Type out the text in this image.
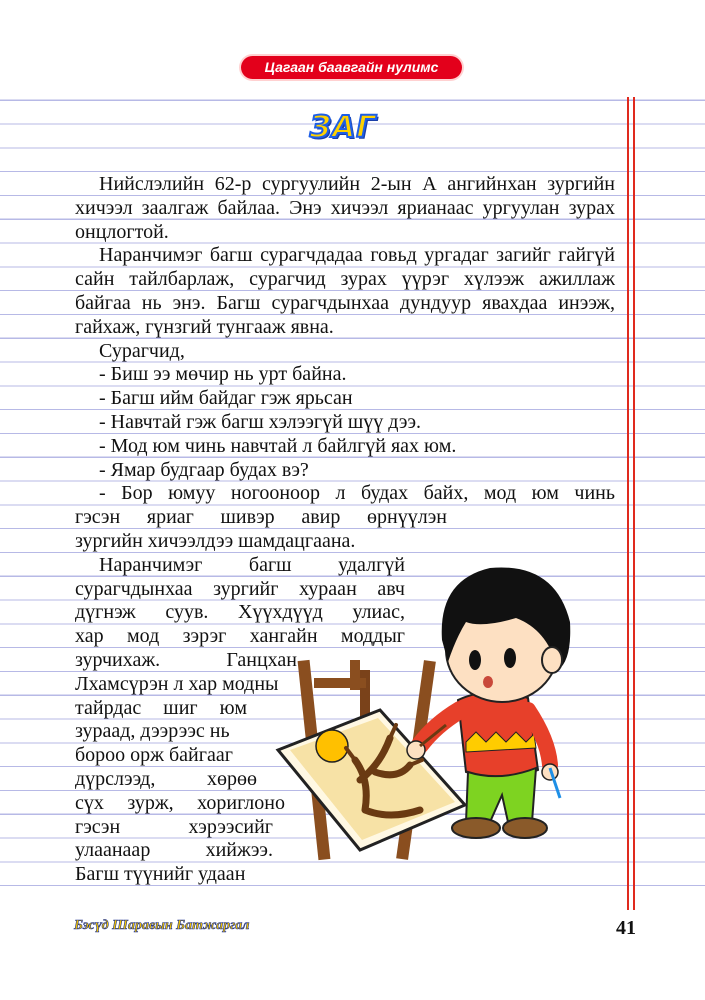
Цагаан баавгайн нулимс
ЗАГ

Нийслэлийн 62-р сургуулийн 2-ын А ангийнхан зургийн хичээл заалгаж байлаа. Энэ хичээл ярианаас ургуулан зурах онцлогтой.

Наранчимэг багш сурагчдадаа говьд ургадаг загийг гайгүй сайн тайлбарлаж, сурагчид зурах үүрэг хүлээж ажиллаж байгаа нь энэ. Багш сурагчдынхаа дундуур явахдаа инээж, гайхаж, гүнзгий тунгааж явна.

Сурагчид,

- Биш ээ мөчир нь урт байна.

- Багш ийм байдаг гэж ярьсан

- Навчтай гэж багш хэлээгүй шүү дээ.

- Мод юм чинь навчтай л байлгүй яах юм.

- Ямар будгаар будах вэ?

- Бор юмуу ногооноор л будах байх, мод юм чинь

гэсэн яриаг шивэр авир өрнүүлэн

зургийн хичээлдээ шамдацгаана.

Наранчимэг багш удалгүй

сурагчдынхаа зургийг хураан авч

дүгнэж суув. Хүүхдүүд улиас,

хар мод зэрэг хангайн моддыг

зурчихаж. Ганцхан

Лхамсүрэн л хар модны

тайрдас шиг юм

зураад, дээрээс нь

бороо орж байгааг

дүрслээд, хөрөө

сүх зурж, хориглоно

гэсэн хэрээсийг

улаанаар хийжээ.

Багш түүнийг удаан

Бэсүд Шаравын Батжаргал	41
